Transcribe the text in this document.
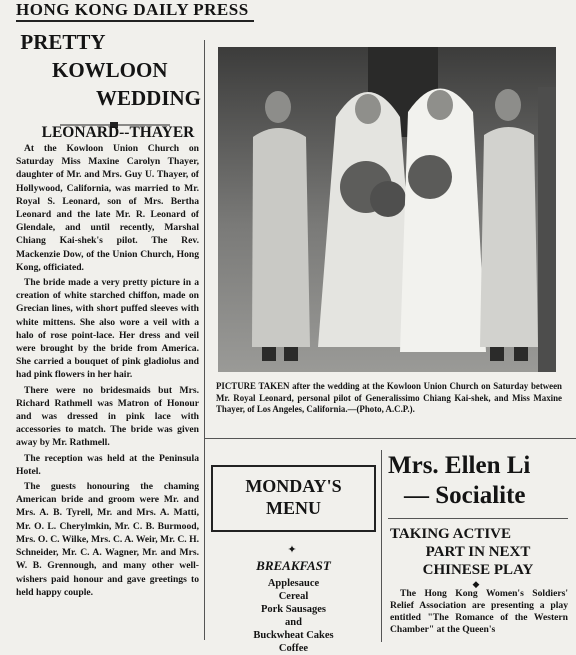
HONG KONG DAILY PRESS
PRETTY
KOWLOON
WEDDING
LEONARD--THAYER

At the Kowloon Union Church on Saturday Miss Maxine Carolyn Thayer, daughter of Mr. and Mrs. Guy U. Thayer, of Hollywood, California, was married to Mr. Royal S. Leonard, son of Mrs. Bertha Leonard and the late Mr. R. Leonard of Glendale, and until recently, Marshal Chiang Kai-shek's pilot. The Rev. Mackenzie Dow, of the Union Church, Hong Kong, officiated.

The bride made a very pretty picture in a creation of white starched chiffon, made on Grecian lines, with short puffed sleeves with white mittens. She also wore a veil with a halo of rose point-lace. Her dress and veil were brought by the bride from America. She carried a bouquet of pink gladiolus and had pink flowers in her hair.

There were no bridesmaids but Mrs. Richard Rathmell was Matron of Honour and was dressed in pink lace with accessories to match. The bride was given away by Mr. Rathmell.

The reception was held at the Peninsula Hotel.

The guests honouring the chaming American bride and groom were Mr. and Mrs. A. B. Tyrell, Mr. and Mrs. A. Matti, Mr. O. L. Cherylmkin, Mr. C. B. Burmood, Mrs. O. C. Wilke, Mrs. C. A. Weir, Mr. C. H. Schneider, Mr. C. A. Wagner, Mr. and Mrs. W. B. Grennough, and many other well-wishers paid honour and gave greetings to held happy couple.

PICTURE TAKEN after the wedding at the Kowloon Union Church on Saturday between Mr. Royal Leonard, personal pilot of Generalissimo Chiang Kai-shek, and Miss Maxine Thayer, of Los Angeles, California.—(Photo, A.C.P.).
MONDAY'S
MENU
✦
BREAKFAST
Applesauce
Cereal
Pork Sausages
and
Buckwheat Cakes
Coffee
Mrs. Ellen Li
— Socialite
TAKING ACTIVE
PART IN NEXT
CHINESE PLAY
◆
The Hong Kong Women's Soldiers' Relief Association are presenting a play entitled "The Romance of the Western Chamber" at the Queen's
